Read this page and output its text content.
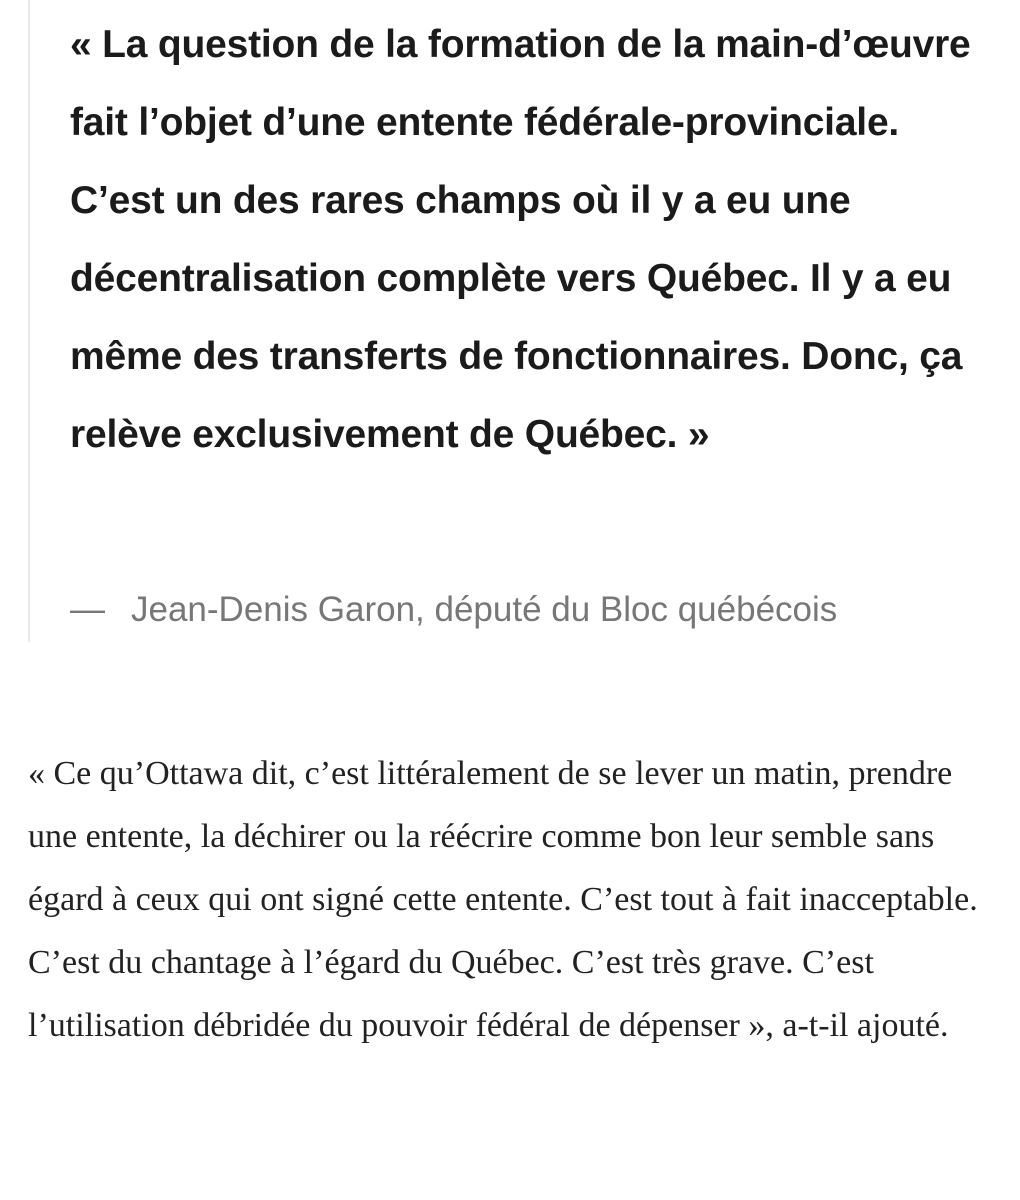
« La question de la formation de la main-d’œuvre fait l’objet d’une entente fédérale-provinciale. C’est un des rares champs où il y a eu une décentralisation complète vers Québec. Il y a eu même des transferts de fonctionnaires. Donc, ça relève exclusivement de Québec. »

— Jean-Denis Garon, député du Bloc québécois

« Ce qu’Ottawa dit, c’est littéralement de se lever un matin, prendre une entente, la déchirer ou la réécrire comme bon leur semble sans égard à ceux qui ont signé cette entente. C’est tout à fait inacceptable. C’est du chantage à l’égard du Québec. C’est très grave. C’est l’utilisation débridée du pouvoir fédéral de dépenser », a-t-il ajouté.
